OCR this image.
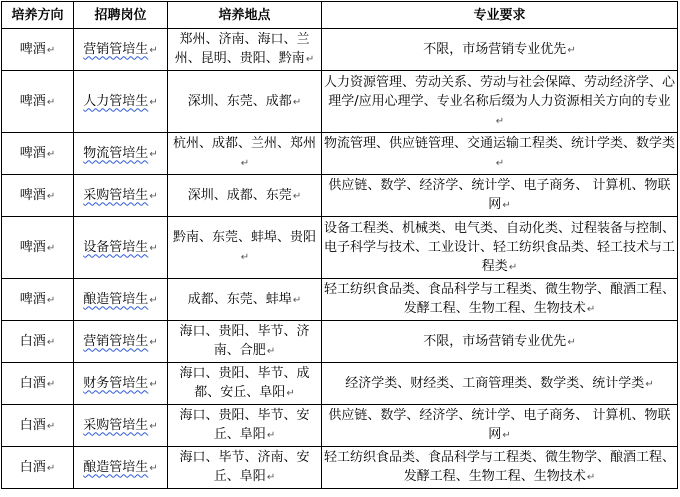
培养方向	招聘岗位	培养地点	专业要求
啤酒↵	营销管培生↵	郑州、济南、海口、兰州、昆明、贵阳、黔南↵	不限，市场营销专业优先↵
啤酒↵	人力管培生↵	深圳、东莞、成都↵	人力资源管理、劳动关系、劳动与社会保障、劳动经济学、心理学/应用心理学、专业名称后缀为人力资源相关方向的专业↵
啤酒↵	物流管培生↵	杭州、成都、兰州、郑州↵	物流管理、供应链管理、交通运输工程类、统计学类、数学类↵
啤酒↵	采购管培生↵	深圳、成都、东莞↵	供应链、数学、经济学、统计学、电子商务、 计算机、物联网↵
啤酒↵	设备管培生↵	黔南、东莞、蚌埠、贵阳↵	设备工程类、机械类、电气类、自动化类、过程装备与控制、电子科学与技术、工业设计、轻工纺织食品类、轻工技术与工程类↵
啤酒↵	酿造管培生↵	成都、东莞、蚌埠↵	轻工纺织食品类、食品科学与工程类、微生物学、酿酒工程、发酵工程、生物工程、生物技术↵
白酒↵	营销管培生↵	海口、贵阳、毕节、济南、合肥↵	不限，市场营销专业优先↵
白酒↵	财务管培生↵	海口、贵阳、毕节、成都、安丘、阜阳↵	经济学类、财经类、工商管理类、数学类、统计学类↵
白酒↵	采购管培生↵	海口、贵阳、毕节、安丘、阜阳↵	供应链、数学、经济学、统计学、电子商务、 计算机、物联网↵
白酒↵	酿造管培生↵	海口、毕节、济南、安丘、阜阳↵	轻工纺织食品类、食品科学与工程类、微生物学、酿酒工程、发酵工程、生物工程、生物技术↵
